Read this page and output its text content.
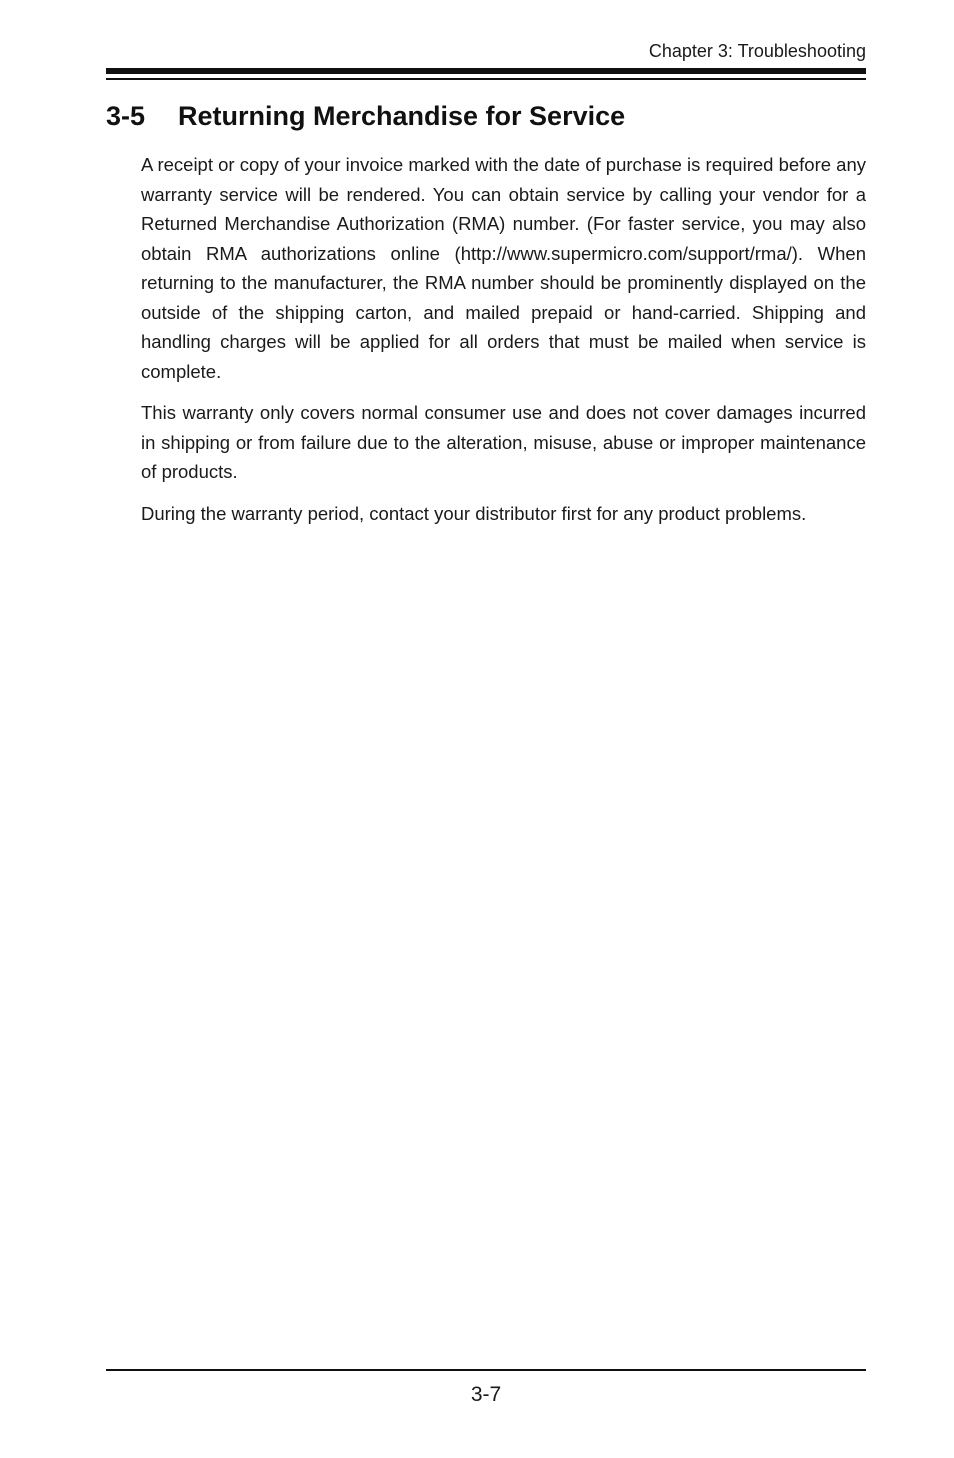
Chapter 3: Troubleshooting
3-5 Returning Merchandise for Service

A receipt or copy of your invoice marked with the date of purchase is required before any warranty service will be rendered. You can obtain service by calling your vendor for a Returned Merchandise Authorization (RMA) number. (For faster service, you may also obtain RMA authorizations online (http://www.supermicro.com/support/rma/). When returning to the manufacturer, the RMA number should be prominently displayed on the outside of the shipping carton, and mailed prepaid or hand-carried. Shipping and handling charges will be applied for all orders that must be mailed when service is complete.

This warranty only covers normal consumer use and does not cover damages incurred in shipping or from failure due to the alteration, misuse, abuse or improper maintenance of products.

During the warranty period, contact your distributor first for any product problems.

3-7
